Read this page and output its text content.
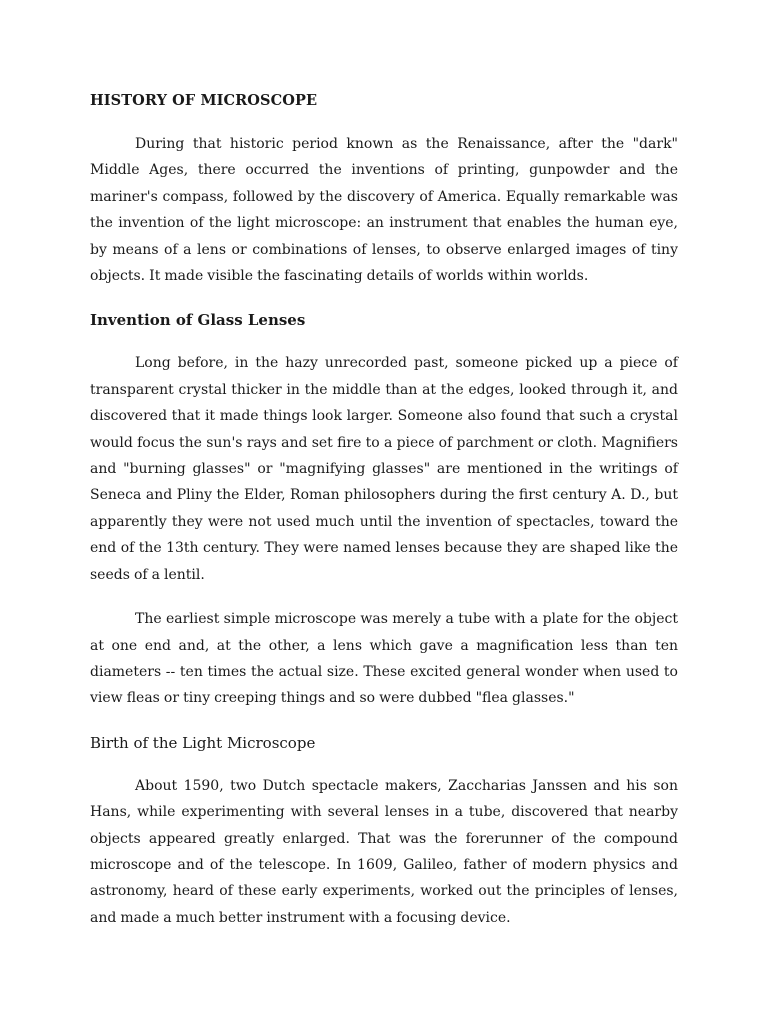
HISTORY OF MICROSCOPE

During that historic period known as the Renaissance, after the "dark" Middle Ages, there occurred the inventions of printing, gunpowder and the mariner's compass, followed by the discovery of America. Equally remarkable was the invention of the light microscope: an instrument that enables the human eye, by means of a lens or combinations of lenses, to observe enlarged images of tiny objects. It made visible the fascinating details of worlds within worlds.

Invention of Glass Lenses

Long before, in the hazy unrecorded past, someone picked up a piece of transparent crystal thicker in the middle than at the edges, looked through it, and discovered that it made things look larger. Someone also found that such a crystal would focus the sun's rays and set fire to a piece of parchment or cloth. Magnifiers and "burning glasses" or "magnifying glasses" are mentioned in the writings of Seneca and Pliny the Elder, Roman philosophers during the first century A. D., but apparently they were not used much until the invention of spectacles, toward the end of the 13th century. They were named lenses because they are shaped like the seeds of a lentil.

The earliest simple microscope was merely a tube with a plate for the object at one end and, at the other, a lens which gave a magnification less than ten diameters -- ten times the actual size. These excited general wonder when used to view fleas or tiny creeping things and so were dubbed "flea glasses."

Birth of the Light Microscope

About 1590, two Dutch spectacle makers, Zaccharias Janssen and his son Hans, while experimenting with several lenses in a tube, discovered that nearby objects appeared greatly enlarged. That was the forerunner of the compound microscope and of the telescope. In 1609, Galileo, father of modern physics and astronomy, heard of these early experiments, worked out the principles of lenses, and made a much better instrument with a focusing device.
